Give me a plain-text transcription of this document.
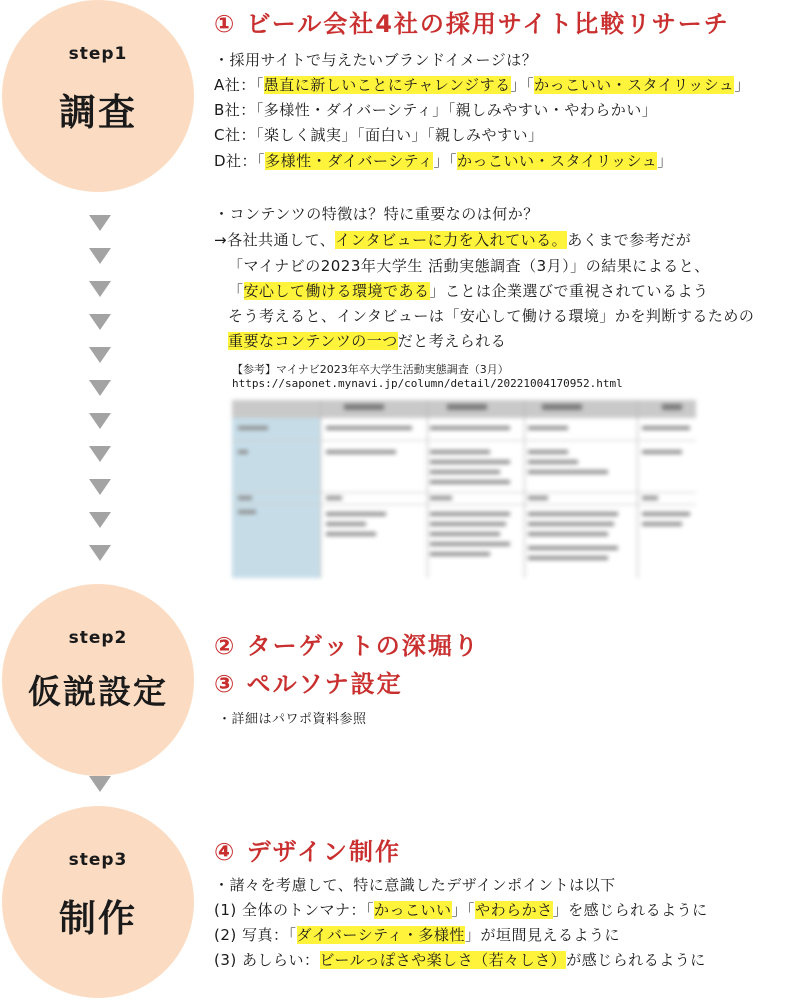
step1
調査
step2
仮説設定
step3
制作
① ビール会社4社の採用サイト比較リサーチ
・採用サイトで与えたいブランドイメージは？
A社：「愚直に新しいことにチャレンジする」「かっこいい・スタイリッシュ」
B社：「多様性・ダイバーシティ」「親しみやすい・やわらかい」
C社：「楽しく誠実」「面白い」「親しみやすい」
D社：「多様性・ダイバーシティ」「かっこいい・スタイリッシュ」
・コンテンツの特徴は？特に重要なのは何か？
→各社共通して、インタビューに力を入れている。あくまで参考だが
「マイナビの2023年大学生 活動実態調査（3月）」の結果によると、
「安心して働ける環境である」ことは企業選びで重視されているよう
そう考えると、インタビューは「安心して働ける環境」かを判断するための
重要なコンテンツの一つだと考えられる
【参考】マイナビ2023年卒大学生活動実態調査（3月）
https://saponet.mynavi.jp/column/detail/20221004170952.html
② ターゲットの深堀り
③ ペルソナ設定
・詳細はパワポ資料参照
④ デザイン制作
・諸々を考慮して、特に意識したデザインポイントは以下
(1) 全体のトンマナ：「かっこいい」「やわらかさ」を感じられるように
(2) 写真：「ダイバーシティ・多様性」が垣間見えるように
(3) あしらい：ビールっぽさや楽しさ（若々しさ）が感じられるように
